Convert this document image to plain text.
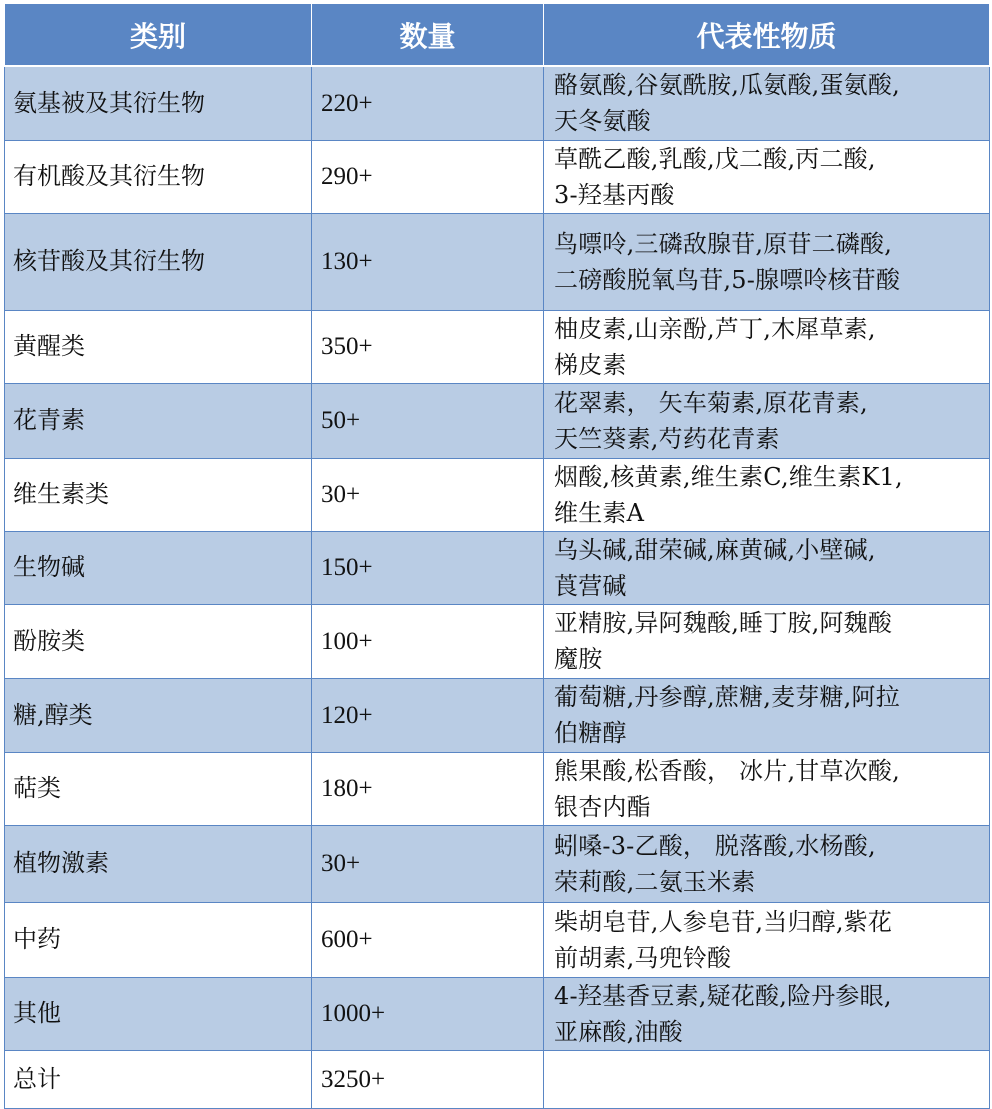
类别	数量	代表性物质
氨基被及其衍生物	220+	酪氨酸,谷氨酰胺,瓜氨酸,蛋氨酸,
天冬氨酸

有机酸及其衍生物	290+	草酰乙酸,乳酸,戊二酸,丙二酸,
3-羟基丙酸

核苷酸及其衍生物	130+	鸟嘌呤,三磷敌腺苷,原苷二磷酸,
二磅酸脱氧鸟苷,5-腺嘌呤核苷酸

黄醒类	350+	柚皮素,山亲酚,芦丁,木犀草素,
梯皮素

花青素	50+	花翠素， 矢车菊素,原花青素,
天竺葵素,芍药花青素

维生素类	30+	烟酸,核黄素,维生素C,维生素K1,
维生素A

生物碱	150+	乌头碱,甜荣碱,麻黄碱,小壁碱,
莨营碱

酚胺类	100+	亚精胺,异阿魏酸,睡丁胺,阿魏酸
魔胺

糖,醇类	120+	葡萄糖,丹参醇,蔗糖,麦芽糖,阿拉
伯糖醇

萜类	180+	熊果酸,松香酸， 冰片,甘草次酸,
银杏内酯

植物激素	30+	蚓嗓-3-乙酸， 脱落酸,水杨酸,
荣莉酸,二氨玉米素

中药	600+	柴胡皂苷,人参皂苷,当归醇,紫花
前胡素,马兜铃酸

其他	1000+	4-羟基香豆素,疑花酸,险丹参眼,
亚麻酸,油酸

总计	3250+	
